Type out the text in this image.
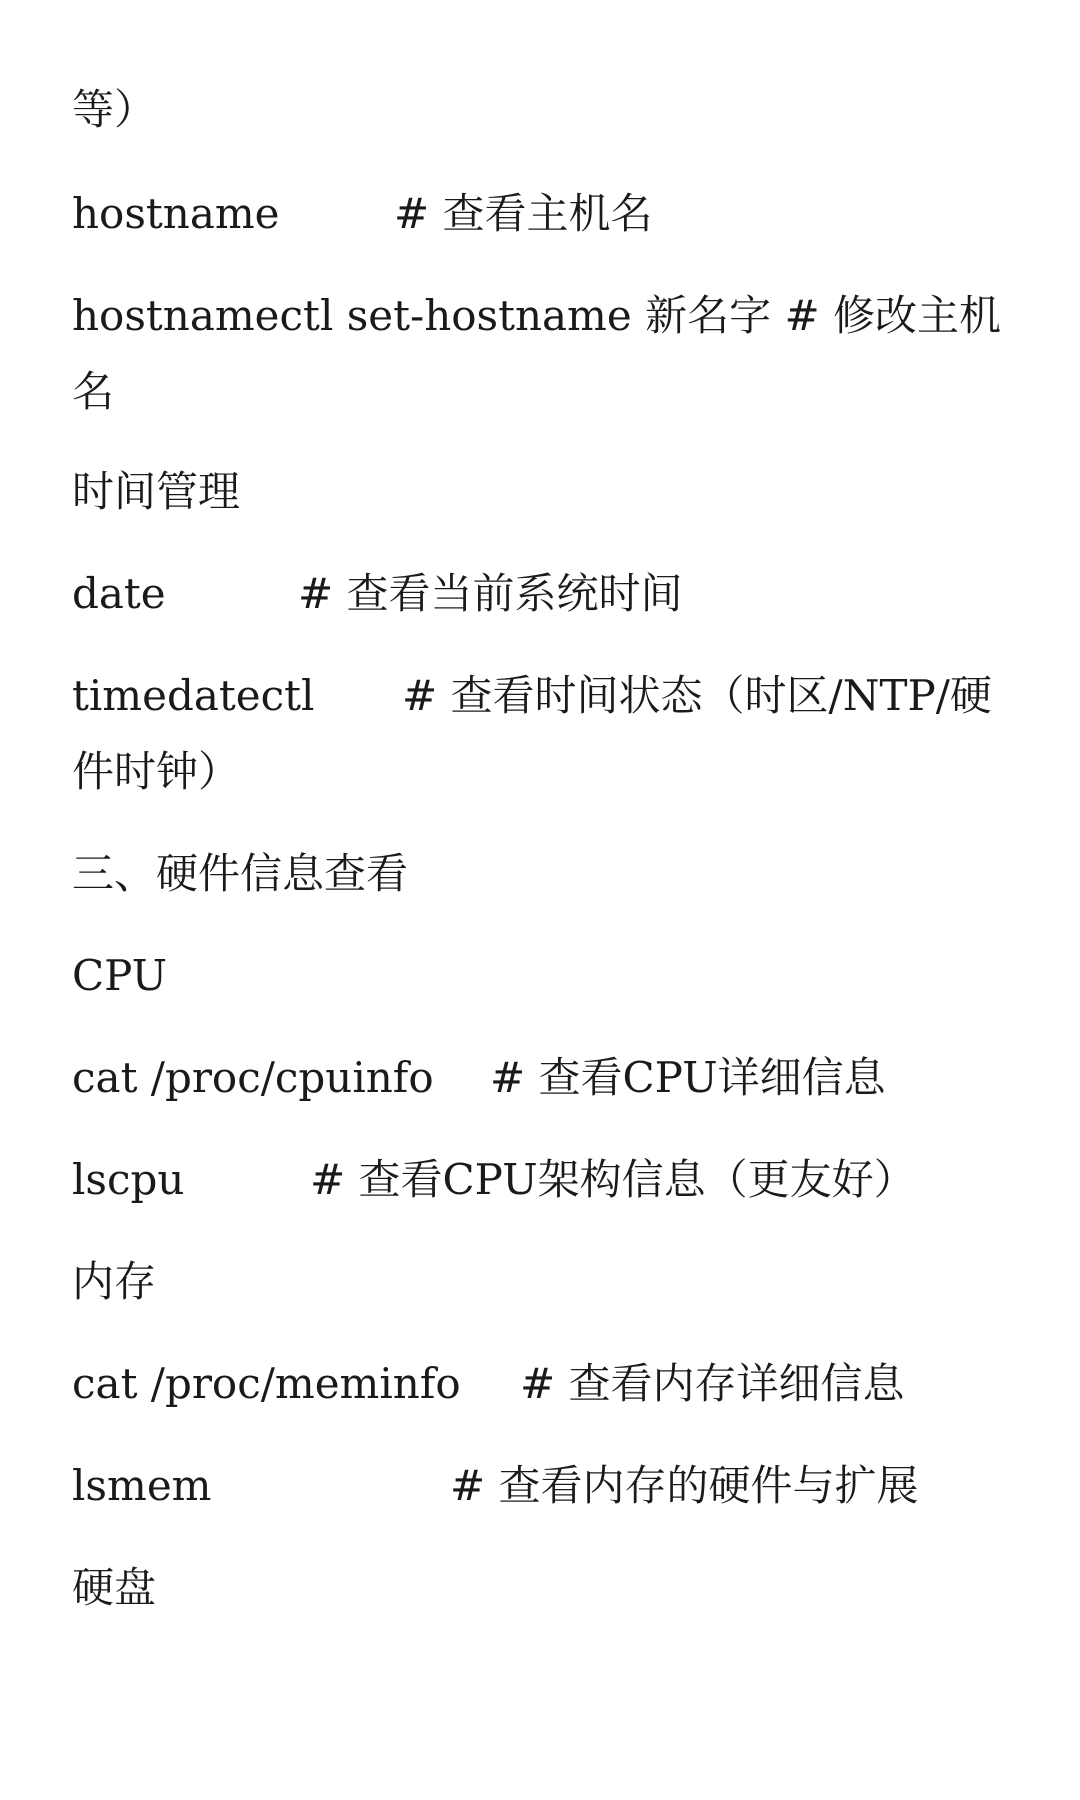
等）
hostname	# 查看主机名
hostnamectl set-hostname 新名字 # 修改主机
名
时间管理
date	# 查看当前系统时间
timedatectl # 查看时间状态（时区/NTP/硬
件时钟）
三、硬件信息查看
CPU
cat /proc/cpuinfo # 查看CPU详细信息
lscpu	# 查看CPU架构信息（更友好）
内存
cat /proc/meminfo # 查看内存详细信息
lsmem	# 查看内存的硬件与扩展
硬盘
